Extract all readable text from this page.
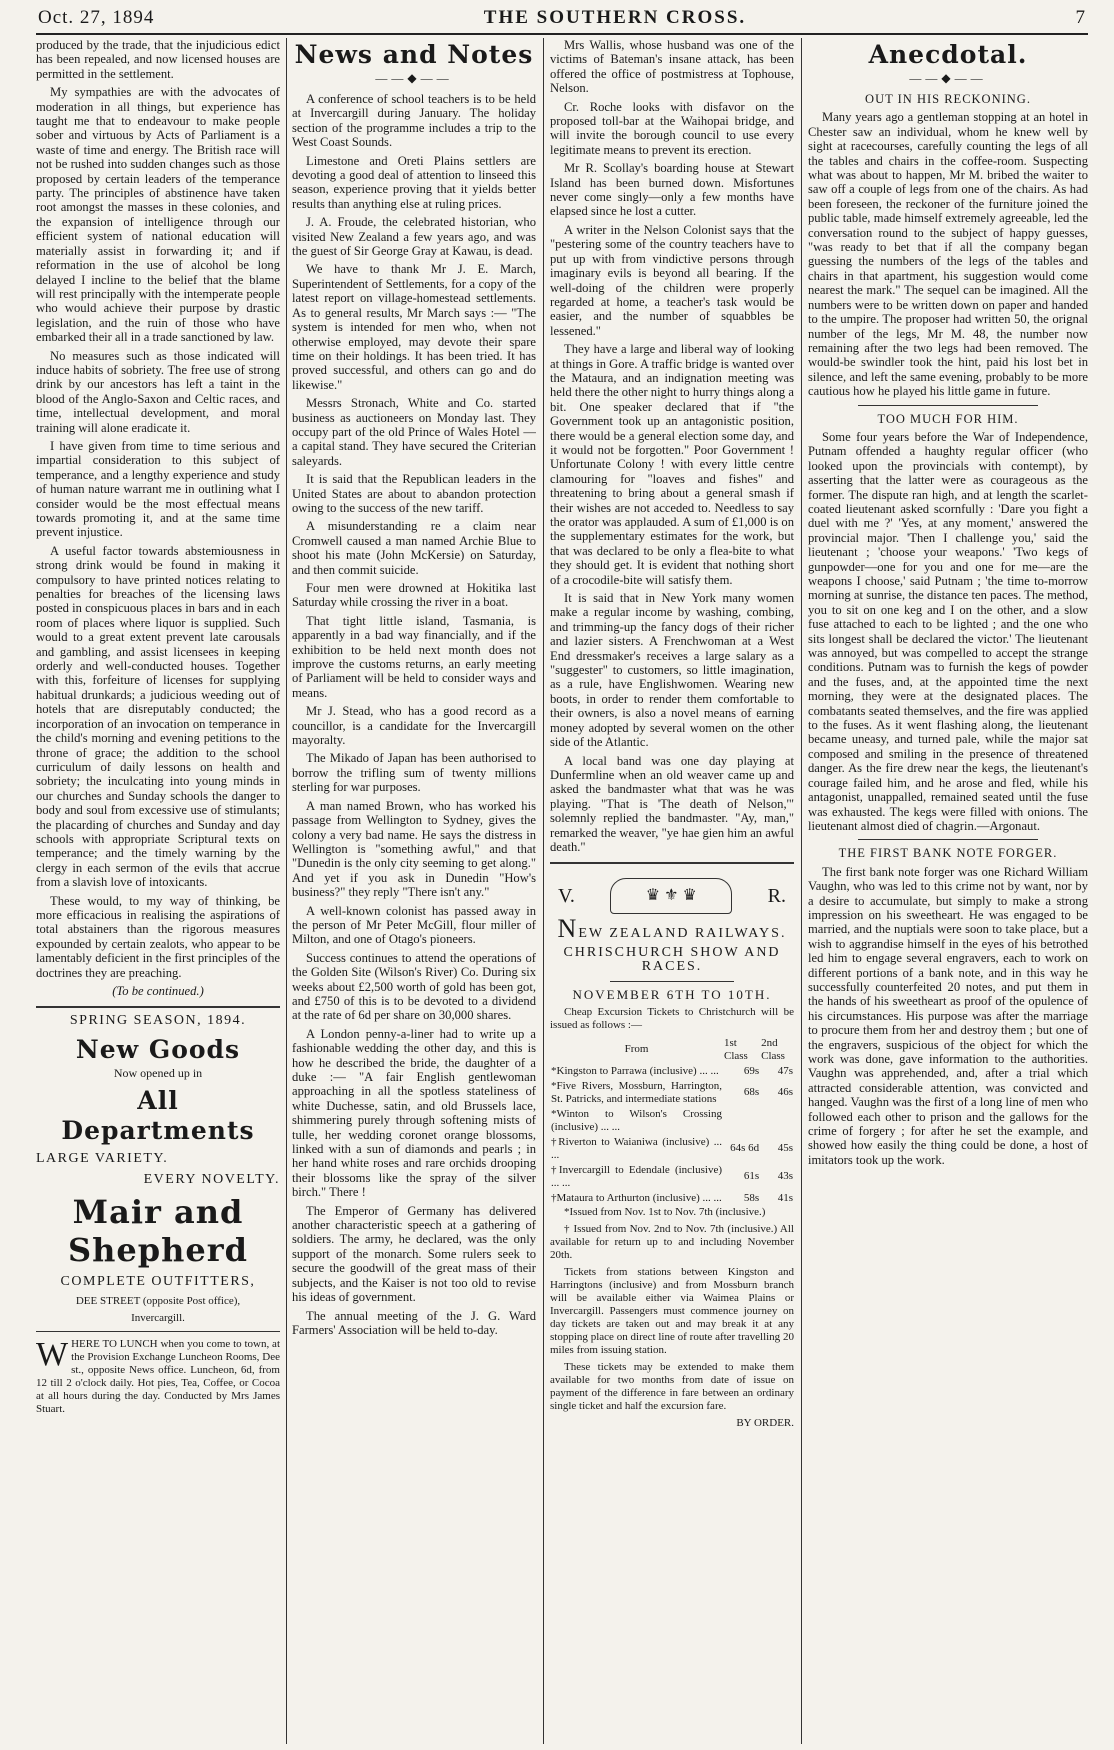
Oct. 27, 1894	THE SOUTHERN CROSS.	7

produced by the trade, that the injudicious edict has been repealed, and now licensed houses are permitted in the settlement.

My sympathies are with the advocates of moderation in all things, but experience has taught me that to endeavour to make people sober and virtuous by Acts of Parliament is a waste of time and energy. The British race will not be rushed into sudden changes such as those proposed by certain leaders of the temperance party. The principles of abstinence have taken root amongst the masses in these colonies, and the expansion of intelligence through our efficient system of national education will materially assist in forwarding it; and if reformation in the use of alcohol be long delayed I incline to the belief that the blame will rest principally with the intemperate people who would achieve their purpose by drastic legislation, and the ruin of those who have embarked their all in a trade sanctioned by law.

No measures such as those indicated will induce habits of sobriety. The free use of strong drink by our ancestors has left a taint in the blood of the Anglo-Saxon and Celtic races, and time, intellectual development, and moral training will alone eradicate it.

I have given from time to time serious and impartial consideration to this subject of temperance, and a lengthy experience and study of human nature warrant me in outlining what I consider would be the most effectual means towards promoting it, and at the same time prevent injustice.

A useful factor towards abstemiousness in strong drink would be found in making it compulsory to have printed notices relating to penalties for breaches of the licensing laws posted in conspicuous places in bars and in each room of places where liquor is supplied. Such would to a great extent prevent late carousals and gambling, and assist licensees in keeping orderly and well-conducted houses. Together with this, forfeiture of licenses for supplying habitual drunkards; a judicious weeding out of hotels that are disreputably conducted; the incorporation of an invocation on temperance in the child's morning and evening petitions to the throne of grace; the addition to the school curriculum of daily lessons on health and sobriety; the inculcating into young minds in our churches and Sunday schools the danger to body and soul from excessive use of stimulants; the placarding of churches and Sunday and day schools with appropriate Scriptural texts on temperance; and the timely warning by the clergy in each sermon of the evils that accrue from a slavish love of intoxicants.

These would, to my way of thinking, be more efficacious in realising the aspirations of total abstainers than the rigorous measures expounded by certain zealots, who appear to be lamentably deficient in the first principles of the doctrines they are preaching.

(To be continued.)

SPRING SEASON, 1894.

New Goods
Now opened up in
All Departments

LARGE VARIETY.

EVERY NOVELTY.

Mair and
Shepherd

COMPLETE OUTFITTERS,

DEE STREET (opposite Post office),

Invercargill.

W HERE TO LUNCH when you come to town, at the Provision Exchange Luncheon Rooms, Dee st., opposite News office. Luncheon, 6d, from 12 till 2 o'clock daily. Hot pies, Tea, Coffee, or Cocoa at all hours during the day. Conducted by Mrs James Stuart.
News and Notes
——◆——

A conference of school teachers is to be held at Invercargill during January. The holiday section of the programme includes a trip to the West Coast Sounds.

Limestone and Oreti Plains settlers are devoting a good deal of attention to linseed this season, experience proving that it yields better results than anything else at ruling prices.

J. A. Froude, the celebrated historian, who visited New Zealand a few years ago, and was the guest of Sir George Gray at Kawau, is dead.

We have to thank Mr J. E. March, Superintendent of Settlements, for a copy of the latest report on village-homestead settlements. As to general results, Mr March says :— "The system is intended for men who, when not otherwise employed, may devote their spare time on their holdings. It has been tried. It has proved successful, and others can go and do likewise."

Messrs Stronach, White and Co. started business as auctioneers on Monday last. They occupy part of the old Prince of Wales Hotel — a capital stand. They have secured the Criterian saleyards.

It is said that the Republican leaders in the United States are about to abandon protection owing to the success of the new tariff.

A misunderstanding re a claim near Cromwell caused a man named Archie Blue to shoot his mate (John McKersie) on Saturday, and then commit suicide.

Four men were drowned at Hokitika last Saturday while crossing the river in a boat.

That tight little island, Tasmania, is apparently in a bad way financially, and if the exhibition to be held next month does not improve the customs returns, an early meeting of Parliament will be held to consider ways and means.

Mr J. Stead, who has a good record as a councillor, is a candidate for the Invercargill mayoralty.

The Mikado of Japan has been authorised to borrow the trifling sum of twenty millions sterling for war purposes.

A man named Brown, who has worked his passage from Wellington to Sydney, gives the colony a very bad name. He says the distress in Wellington is "something awful," and that "Dunedin is the only city seeming to get along." And yet if you ask in Dunedin "How's business?" they reply "There isn't any."

A well-known colonist has passed away in the person of Mr Peter McGill, flour miller of Milton, and one of Otago's pioneers.

Success continues to attend the operations of the Golden Site (Wilson's River) Co. During six weeks about £2,500 worth of gold has been got, and £750 of this is to be devoted to a dividend at the rate of 6d per share on 30,000 shares.

A London penny-a-liner had to write up a fashionable wedding the other day, and this is how he described the bride, the daughter of a duke :— "A fair English gentlewoman approaching in all the spotless stateliness of white Duchesse, satin, and old Brussels lace, shimmering purely through softening mists of tulle, her wedding coronet orange blossoms, linked with a sun of diamonds and pearls ; in her hand white roses and rare orchids drooping their blossoms like the spray of the silver birch." There !

The Emperor of Germany has delivered another characteristic speech at a gathering of soldiers. The army, he declared, was the only support of the monarch. Some rulers seek to secure the goodwill of the great mass of their subjects, and the Kaiser is not too old to revise his ideas of government.

The annual meeting of the J. G. Ward Farmers' Association will be held to-day.

Mrs Wallis, whose husband was one of the victims of Bateman's insane attack, has been offered the office of postmistress at Tophouse, Nelson.

Cr. Roche looks with disfavor on the proposed toll-bar at the Waihopai bridge, and will invite the borough council to use every legitimate means to prevent its erection.

Mr R. Scollay's boarding house at Stewart Island has been burned down. Misfortunes never come singly—only a few months have elapsed since he lost a cutter.

A writer in the Nelson Colonist says that the "pestering some of the country teachers have to put up with from vindictive persons through imaginary evils is beyond all bearing. If the well-doing of the children were properly regarded at home, a teacher's task would be easier, and the number of squabbles be lessened."

They have a large and liberal way of looking at things in Gore. A traffic bridge is wanted over the Mataura, and an indignation meeting was held there the other night to hurry things along a bit. One speaker declared that if "the Government took up an antagonistic position, there would be a general election some day, and it would not be forgotten." Poor Government ! Unfortunate Colony ! with every little centre clamouring for "loaves and fishes" and threatening to bring about a general smash if their wishes are not acceded to. Needless to say the orator was applauded. A sum of £1,000 is on the supplementary estimates for the work, but that was declared to be only a flea-bite to what they should get. It is evident that nothing short of a crocodile-bite will satisfy them.

It is said that in New York many women make a regular income by washing, combing, and trimming-up the fancy dogs of their richer and lazier sisters. A Frenchwoman at a West End dressmaker's receives a large salary as a "suggester" to customers, so little imagination, as a rule, have Englishwomen. Wearing new boots, in order to render them comfortable to their owners, is also a novel means of earning money adopted by several women on the other side of the Atlantic.

A local band was one day playing at Dunfermline when an old weaver came up and asked the bandmaster what that was he was playing. "That is 'The death of Nelson,'" solemnly replied the bandmaster. "Ay, man," remarked the weaver, "ye hae gien him an awful death."

V.	♛ ⚜ ♛	R.
NEW ZEALAND RAILWAYS.
CHRISCHURCH SHOW AND RACES.
NOVEMBER 6TH TO 10TH.

Cheap Excursion Tickets to Christchurch will be issued as follows :—

From	1st Class	2nd Class
*Kingston to Parrawa (inclusive) ... ...	69s	47s
*Five Rivers, Mossburn, Harrington, St. Patricks, and intermediate stations	68s	46s
*Winton to Wilson's Crossing (inclusive) ... ...		
†Riverton to Waianiwa (inclusive) ... ...	64s 6d	45s
†Invercargill to Edendale (inclusive) ... ...	61s	43s
†Mataura to Arthurton (inclusive) ... ...	58s	41s

*Issued from Nov. 1st to Nov. 7th (inclusive.)

† Issued from Nov. 2nd to Nov. 7th (inclusive.) All available for return up to and including November 20th.

Tickets from stations between Kingston and Harringtons (inclusive) and from Mossburn branch will be available either via Waimea Plains or Invercargill. Passengers must commence journey on day tickets are taken out and may break it at any stopping place on direct line of route after travelling 20 miles from issuing station.

These tickets may be extended to make them available for two months from date of issue on payment of the difference in fare between an ordinary single ticket and half the excursion fare.

BY ORDER.

Anecdotal.
——◆——

OUT IN HIS RECKONING.

Many years ago a gentleman stopping at an hotel in Chester saw an individual, whom he knew well by sight at racecourses, carefully counting the legs of all the tables and chairs in the coffee-room. Suspecting what was about to happen, Mr M. bribed the waiter to saw off a couple of legs from one of the chairs. As had been foreseen, the reckoner of the furniture joined the public table, made himself extremely agreeable, led the conversation round to the subject of happy guesses, "was ready to bet that if all the company began guessing the numbers of the legs of the tables and chairs in that apartment, his suggestion would come nearest the mark." The sequel can be imagined. All the numbers were to be written down on paper and handed to the umpire. The proposer had written 50, the orignal number of the legs, Mr M. 48, the number now remaining after the two legs had been removed. The would-be swindler took the hint, paid his lost bet in silence, and left the same evening, probably to be more cautious how he played his little game in future.

TOO MUCH FOR HIM.

Some four years before the War of Independence, Putnam offended a haughty regular officer (who looked upon the provincials with contempt), by asserting that the latter were as courageous as the former. The dispute ran high, and at length the scarlet-coated lieutenant asked scornfully : 'Dare you fight a duel with me ?' 'Yes, at any moment,' answered the provincial major. 'Then I challenge you,' said the lieutenant ; 'choose your weapons.' 'Two kegs of gunpowder—one for you and one for me—are the weapons I choose,' said Putnam ; 'the time to-morrow morning at sunrise, the distance ten paces. The method, you to sit on one keg and I on the other, and a slow fuse attached to each to be lighted ; and the one who sits longest shall be declared the victor.' The lieutenant was annoyed, but was compelled to accept the strange conditions. Putnam was to furnish the kegs of powder and the fuses, and, at the appointed time the next morning, they were at the designated places. The combatants seated themselves, and the fire was applied to the fuses. As it went flashing along, the lieutenant became uneasy, and turned pale, while the major sat composed and smiling in the presence of threatened danger. As the fire drew near the kegs, the lieutenant's courage failed him, and he arose and fled, while his antagonist, unappalled, remained seated until the fuse was exhausted. The kegs were filled with onions. The lieutenant almost died of chagrin.—Argonaut.

THE FIRST BANK NOTE FORGER.

The first bank note forger was one Richard William Vaughn, who was led to this crime not by want, nor by a desire to accumulate, but simply to make a strong impression on his sweetheart. He was engaged to be married, and the nuptials were soon to take place, but a wish to aggrandise himself in the eyes of his betrothed led him to engage several engravers, each to work on different portions of a bank note, and in this way he successfully counterfeited 20 notes, and put them in the hands of his sweetheart as proof of the opulence of his circumstances. His purpose was after the marriage to procure them from her and destroy them ; but one of the engravers, suspicious of the object for which the work was done, gave information to the authorities. Vaughn was apprehended, and, after a trial which attracted considerable attention, was convicted and hanged. Vaughn was the first of a long line of men who followed each other to prison and the gallows for the crime of forgery ; for after he set the example, and showed how easily the thing could be done, a host of imitators took up the work.
